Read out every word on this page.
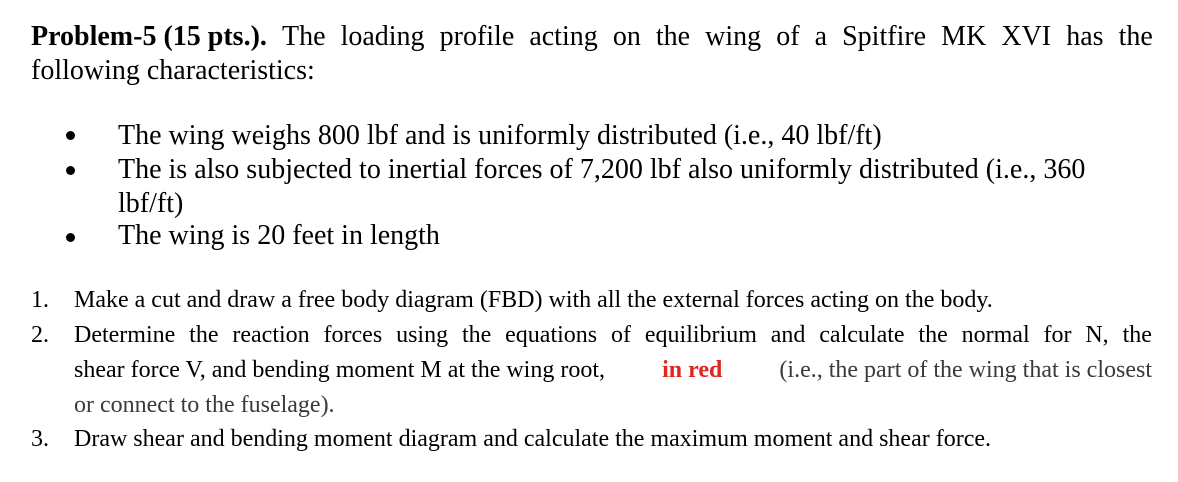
Problem-5 (15 pts.). The loading profile acting on the wing of a Spitfire MK XVI has the
following characteristics:
The wing weighs 800 lbf and is uniformly distributed (i.e., 40 lbf/ft)
The is also subjected to inertial forces of 7,200 lbf also uniformly distributed (i.e., 360
lbf/ft)
The wing is 20 feet in length
1. Make a cut and draw a free body diagram (FBD) with all the external forces acting on the body.
2. Determine the reaction forces using the equations of equilibrium and calculate the normal for N, the
shear force V, and bending moment M at the wing root, in red (i.e., the part of the wing that is closest
or connect to the fuselage).
3. Draw shear and bending moment diagram and calculate the maximum moment and shear force.
